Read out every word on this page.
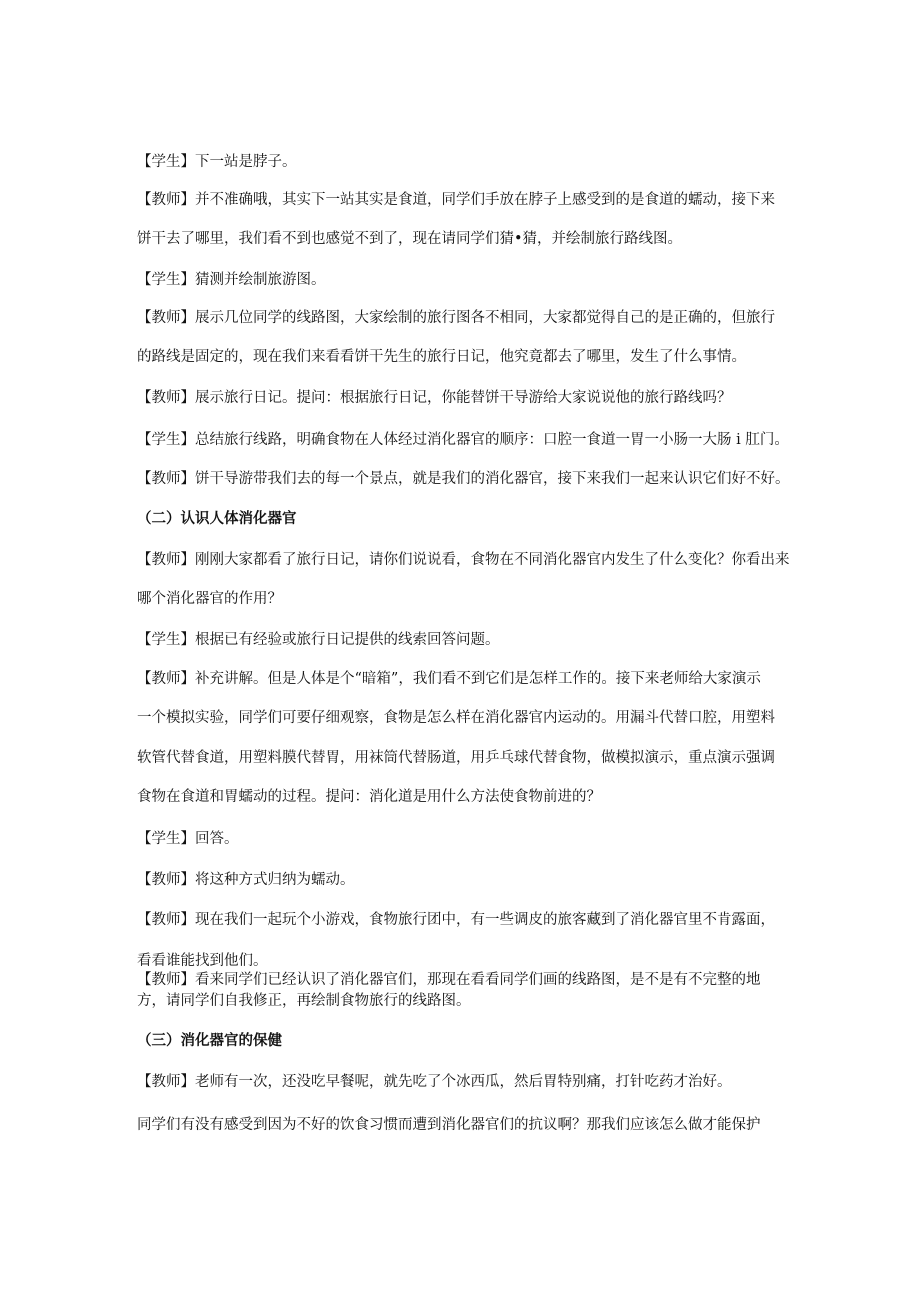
【学生】下一站是脖子。
【教师】并不准确哦，其实下一站其实是食道，同学们手放在脖子上感受到的是食道的蠕动，接下来
饼干去了哪里，我们看不到也感觉不到了，现在请同学们猜•猜，并绘制旅行路线图。
【学生】猜测并绘制旅游图。
【教师】展示几位同学的线路图，大家绘制的旅行图各不相同，大家都觉得自己的是正确的，但旅行
的路线是固定的，现在我们来看看饼干先生的旅行日记，他究竟都去了哪里，发生了什么事情。
【教师】展示旅行日记。提问：根据旅行日记，你能替饼干导游给大家说说他的旅行路线吗？
【学生】总结旅行线路，明确食物在人体经过消化器官的顺序：口腔一食道一胃一小肠一大肠 i 肛门。
【教师】饼干导游带我们去的每一个景点，就是我们的消化器官，接下来我们一起来认识它们好不好。
（二）认识人体消化器官
【教师】刚刚大家都看了旅行日记，请你们说说看，食物在不同消化器官内发生了什么变化？你看出来
哪个消化器官的作用？
【学生】根据已有经验或旅行日记提供的线索回答问题。
【教师】补充讲解。但是人体是个“暗箱”，我们看不到它们是怎样工作的。接下来老师给大家演示
一个模拟实验，同学们可要仔细观察，食物是怎么样在消化器官内运动的。用漏斗代替口腔，用塑料
软管代替食道，用塑料膜代替胃，用袜筒代替肠道，用乒乓球代替食物，做模拟演示，重点演示强调
食物在食道和胃蠕动的过程。提问：消化道是用什么方法使食物前进的？
【学生】回答。
【教师】将这种方式归纳为蠕动。
【教师】现在我们一起玩个小游戏，食物旅行团中，有一些调皮的旅客藏到了消化器官里不肯露面，
看看谁能找到他们。
【教师】看来同学们已经认识了消化器官们，那现在看看同学们画的线路图，是不是有不完整的地
方，请同学们自我修正，再绘制食物旅行的线路图。
（三）消化器官的保健
【教师】老师有一次，还没吃早餐呢，就先吃了个冰西瓜，然后胃特别痛，打针吃药才治好。
同学们有没有感受到因为不好的饮食习惯而遭到消化器官们的抗议啊？那我们应该怎么做才能保护
